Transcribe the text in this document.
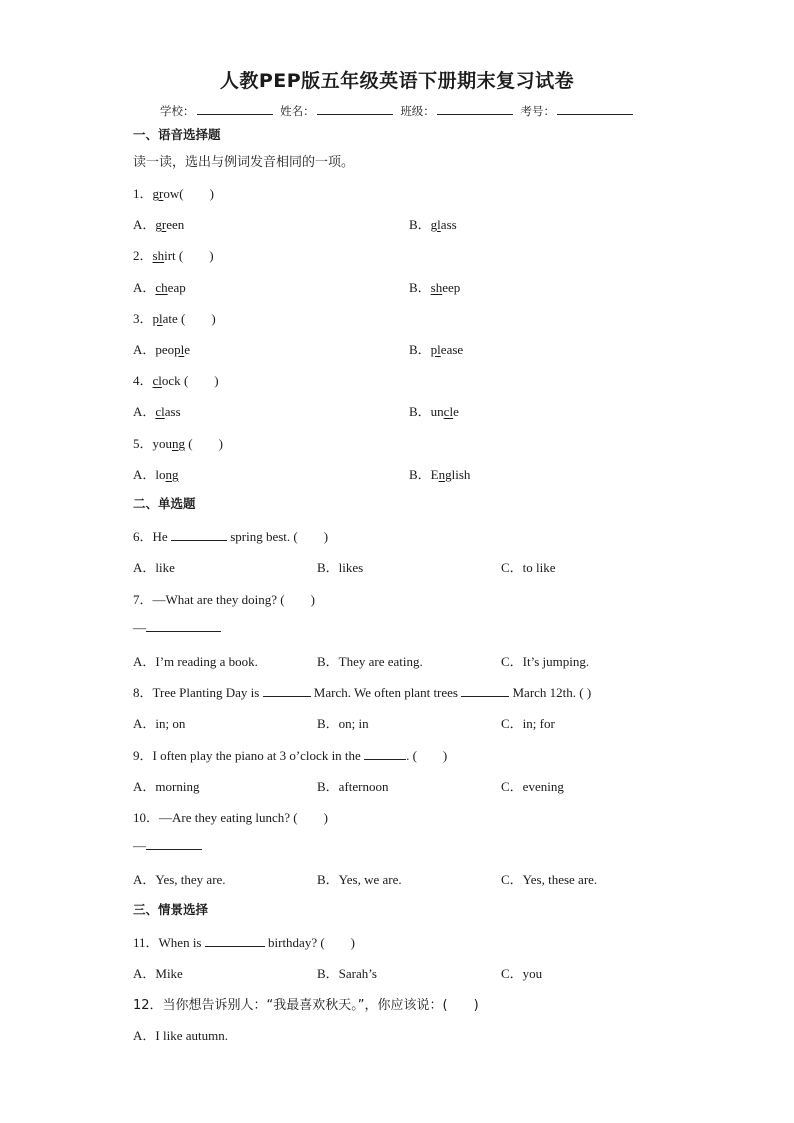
人教PEP版五年级英语下册期末复习试卷
学校：	姓名：	班级：	考号：
一、语音选择题
读一读，选出与例词发音相同的一项。
1．grow(　　)
A．green	B．glass
2．shirt (　　)
A．cheap	B．sheep
3．plate (　　)
A．people	B．please
4．clock (　　)
A．class	B．uncle
5．young (　　)
A．long	B．English
二、单选题
6．He	spring best. (　　)
A．like	B．likes	C．to like
7．—What are they doing? (　　)
—
A．I’m reading a book.	B．They are eating.	C．It’s jumping.
8．Tree Planting Day is	March. We often plant trees	March 12th. ( )
A．in; on	B．on; in	C．in; for
9．I often play the piano at 3 o’clock in the	. (　　)
A．morning	B．afternoon	C．evening
10．—Are they eating lunch? (　　)
—
A．Yes, they are.	B．Yes, we are.	C．Yes, these are.
三、情景选择
11．When is	birthday? (　　)
A．Mike	B．Sarah’s	C．you
12．当你想告诉别人：“我最喜欢秋天。”，你应该说：(　　)
A．I like autumn.
